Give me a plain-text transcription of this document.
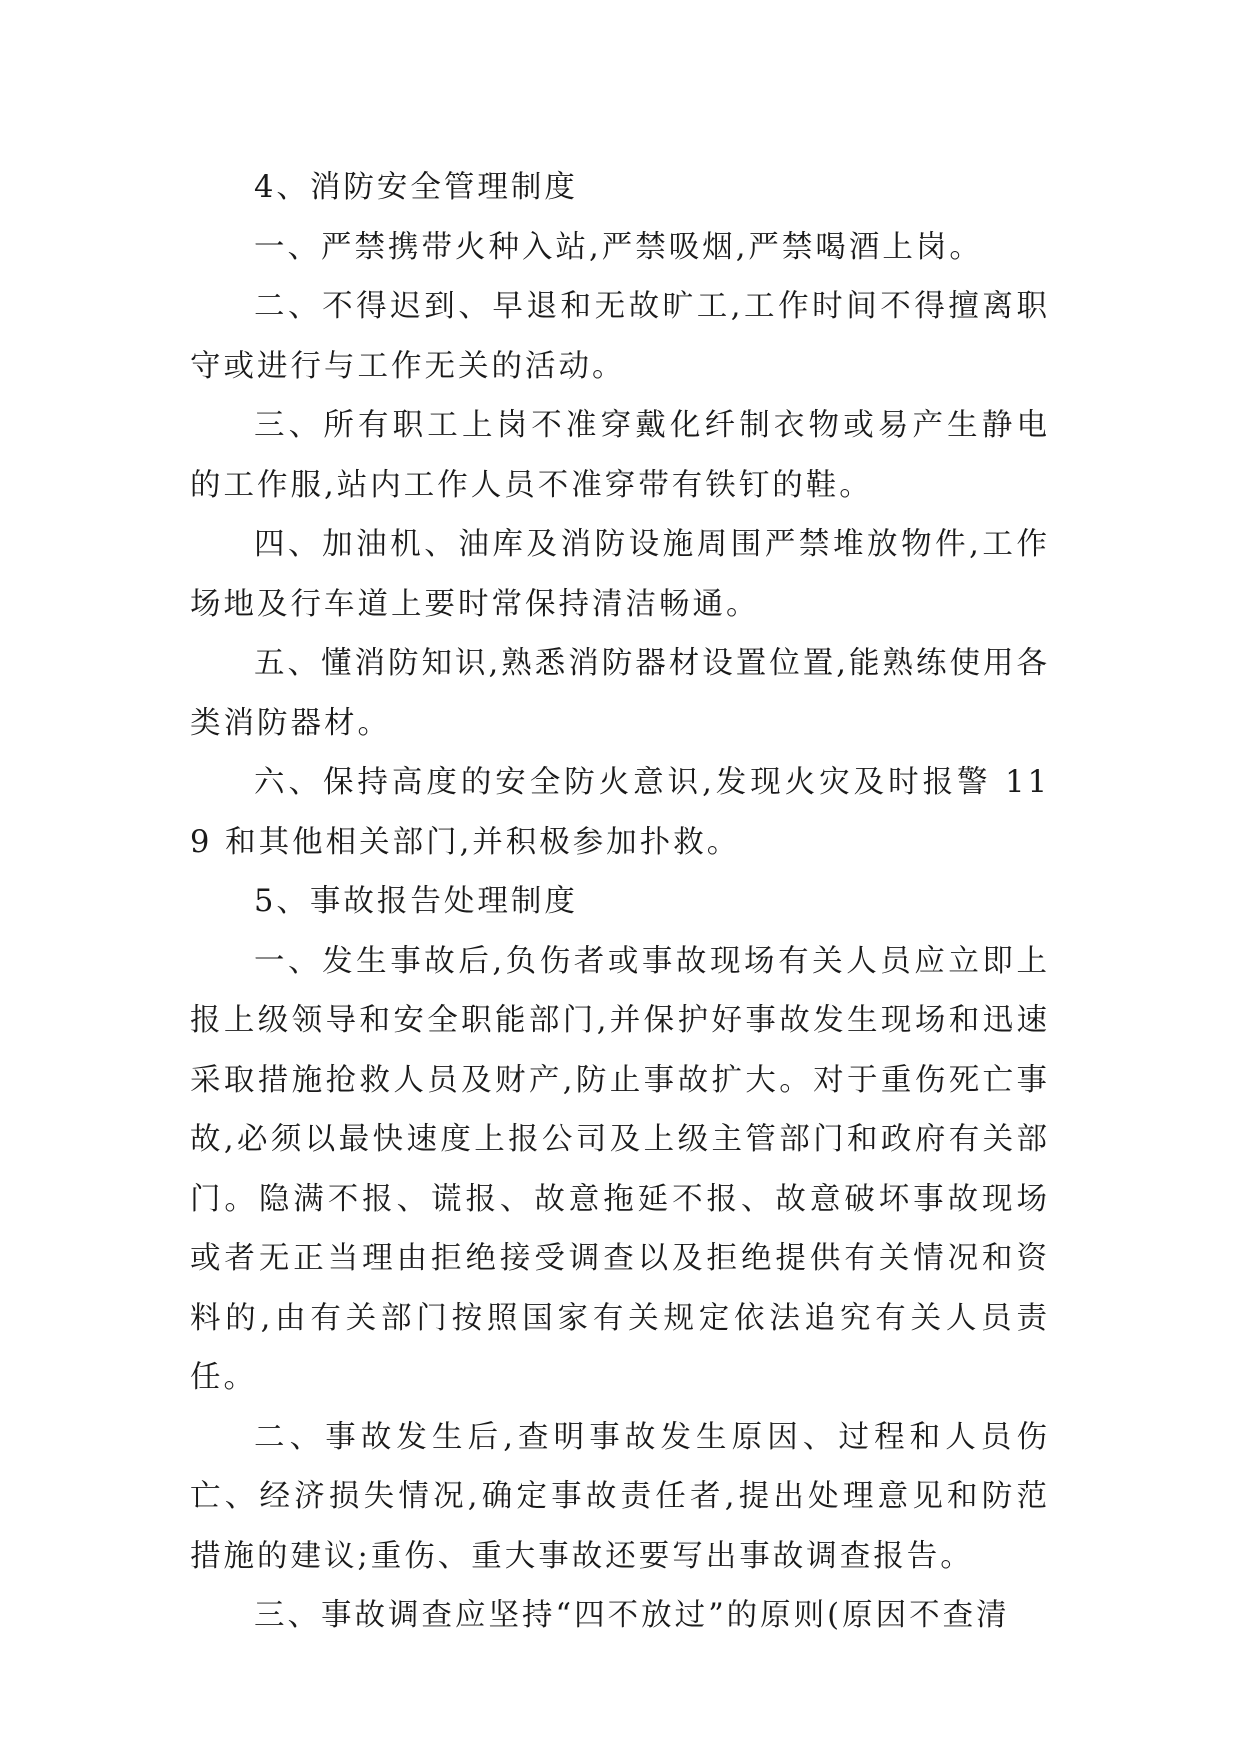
4、消防安全管理制度

一、严禁携带火种入站,严禁吸烟,严禁喝酒上岗。

二、不得迟到、早退和无故旷工,工作时间不得擅离职守或进行与工作无关的活动。

三、所有职工上岗不准穿戴化纤制衣物或易产生静电的工作服,站内工作人员不准穿带有铁钉的鞋。

四、加油机、油库及消防设施周围严禁堆放物件,工作场地及行车道上要时常保持清洁畅通。

五、懂消防知识,熟悉消防器材设置位置,能熟练使用各类消防器材。

六、保持高度的安全防火意识,发现火灾及时报警 119 和其他相关部门,并积极参加扑救。

5、事故报告处理制度

一、发生事故后,负伤者或事故现场有关人员应立即上报上级领导和安全职能部门,并保护好事故发生现场和迅速采取措施抢救人员及财产,防止事故扩大。对于重伤死亡事故,必须以最快速度上报公司及上级主管部门和政府有关部门。隐满不报、谎报、故意拖延不报、故意破坏事故现场或者无正当理由拒绝接受调查以及拒绝提供有关情况和资料的,由有关部门按照国家有关规定依法追究有关人员责任。

二、事故发生后,查明事故发生原因、过程和人员伤亡、经济损失情况,确定事故责任者,提出处理意见和防范措施的建议;重伤、重大事故还要写出事故调查报告。

三、事故调查应坚持“四不放过”的原则(原因不查清
